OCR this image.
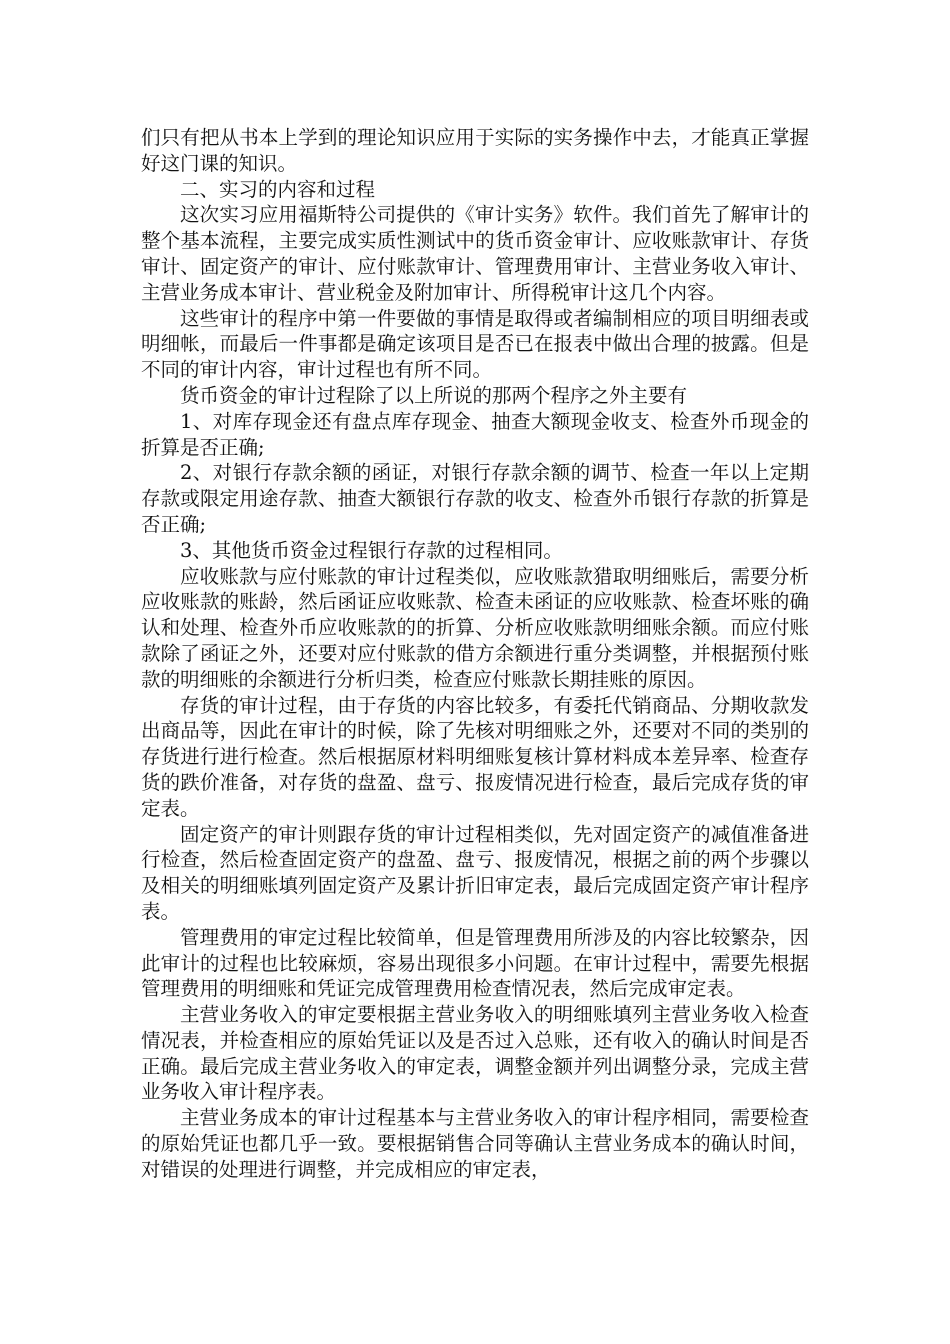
们只有把从书本上学到的理论知识应用于实际的实务操作中去，才能真正掌握好这门课的知识。

二、实习的内容和过程

这次实习应用福斯特公司提供的《审计实务》软件。我们首先了解审计的整个基本流程，主要完成实质性测试中的货币资金审计、应收账款审计、存货审计、固定资产的审计、应付账款审计、管理费用审计、主营业务收入审计、主营业务成本审计、营业税金及附加审计、所得税审计这几个内容。

这些审计的程序中第一件要做的事情是取得或者编制相应的项目明细表或明细帐，而最后一件事都是确定该项目是否已在报表中做出合理的披露。但是不同的审计内容，审计过程也有所不同。

货币资金的审计过程除了以上所说的那两个程序之外主要有

1、对库存现金还有盘点库存现金、抽查大额现金收支、检查外币现金的折算是否正确;

2、对银行存款余额的函证，对银行存款余额的调节、检查一年以上定期存款或限定用途存款、抽查大额银行存款的收支、检查外币银行存款的折算是否正确;

3、其他货币资金过程银行存款的过程相同。

应收账款与应付账款的审计过程类似，应收账款猎取明细账后，需要分析应收账款的账龄，然后函证应收账款、检查未函证的应收账款、检查坏账的确认和处理、检查外币应收账款的的折算、分析应收账款明细账余额。而应付账款除了函证之外，还要对应付账款的借方余额进行重分类调整，并根据预付账款的明细账的余额进行分析归类，检查应付账款长期挂账的原因。

存货的审计过程，由于存货的内容比较多，有委托代销商品、分期收款发出商品等，因此在审计的时候，除了先核对明细账之外，还要对不同的类别的存货进行进行检查。然后根据原材料明细账复核计算材料成本差异率、检查存货的跌价准备，对存货的盘盈、盘亏、报废情况进行检查，最后完成存货的审定表。

固定资产的审计则跟存货的审计过程相类似，先对固定资产的减值准备进行检查，然后检查固定资产的盘盈、盘亏、报废情况，根据之前的两个步骤以及相关的明细账填列固定资产及累计折旧审定表，最后完成固定资产审计程序表。

管理费用的审定过程比较简单，但是管理费用所涉及的内容比较繁杂，因此审计的过程也比较麻烦，容易出现很多小问题。在审计过程中，需要先根据管理费用的明细账和凭证完成管理费用检查情况表，然后完成审定表。

主营业务收入的审定要根据主营业务收入的明细账填列主营业务收入检查情况表，并检查相应的原始凭证以及是否过入总账，还有收入的确认时间是否正确。最后完成主营业务收入的审定表，调整金额并列出调整分录，完成主营业务收入审计程序表。

主营业务成本的审计过程基本与主营业务收入的审计程序相同，需要检查的原始凭证也都几乎一致。要根据销售合同等确认主营业务成本的确认时间，对错误的处理进行调整，并完成相应的审定表，
